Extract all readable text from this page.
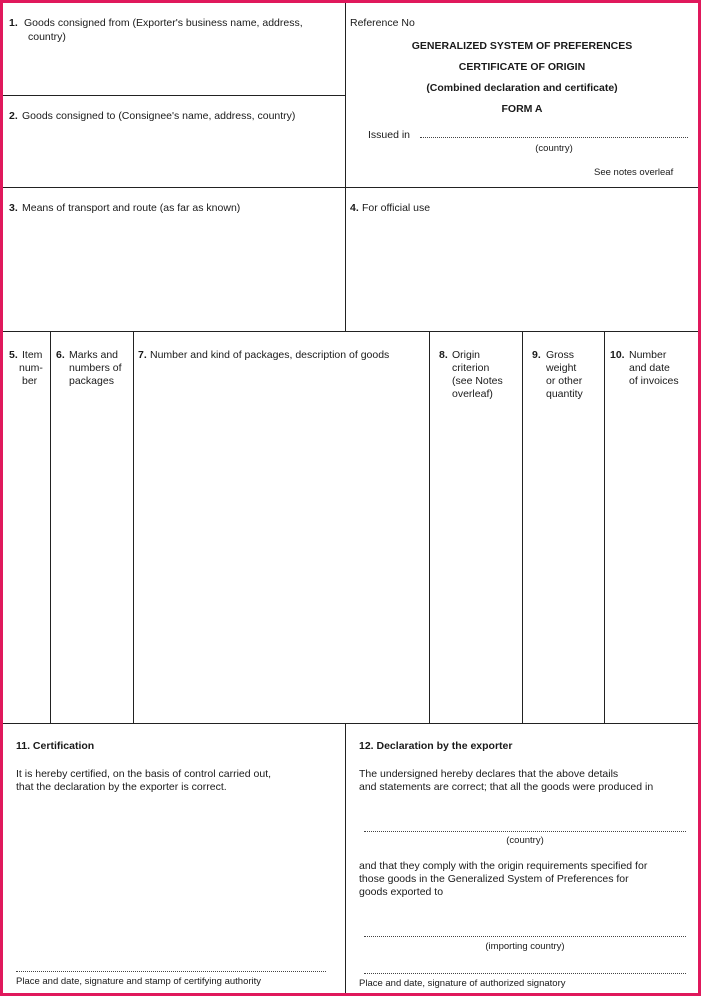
1. Goods consigned from (Exporter's business name, address,
country)
2. Goods consigned to (Consignee's name, address, country)
Reference No
GENERALIZED SYSTEM OF PREFERENCES
CERTIFICATE OF ORIGIN
(Combined declaration and certificate)
FORM A
Issued in
(country)
See notes overleaf
3. Means of transport and route (as far as known)	4. For official use
5. Item
num-
ber
6. Marks and
numbers of
packages
7. Number and kind of packages, description of goods	8. Origin
criterion
(see Notes
overleaf)
9. Gross
weight
or other
quantity
10. Number
and date
of invoices
11. Certification
It is hereby certified, on the basis of control carried out,
that the declaration by the exporter is correct.
Place and date, signature and stamp of certifying authority
12. Declaration by the exporter
The undersigned hereby declares that the above details
and statements are correct; that all the goods were produced in
(country)
and that they comply with the origin requirements specified for
those goods in the Generalized System of Preferences for
goods exported to
(importing country)
Place and date, signature of authorized signatory
